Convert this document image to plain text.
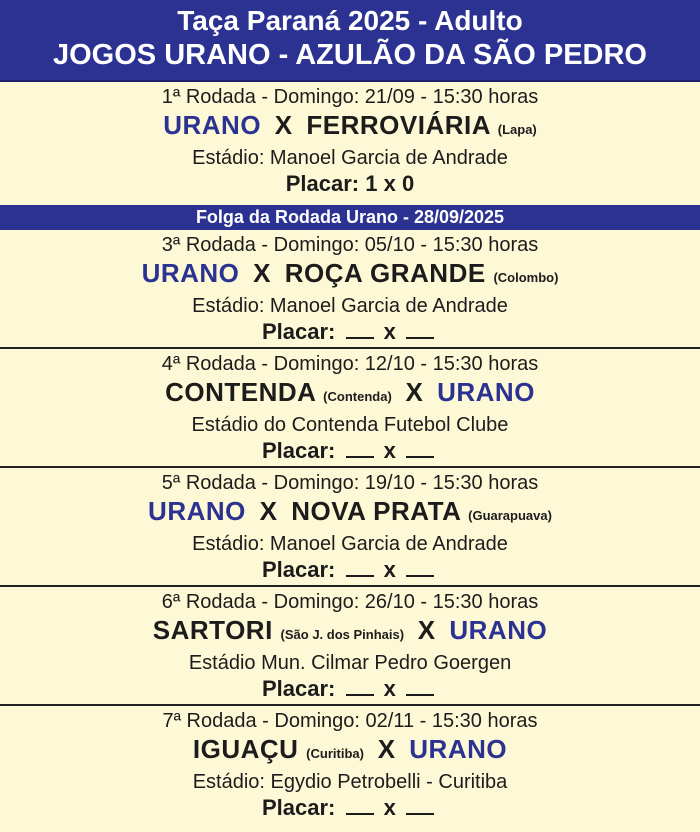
Taça Paraná 2025 - Adulto
JOGOS URANO - AZULÃO DA SÃO PEDRO
1ª Rodada - Domingo: 21/09 - 15:30 horas
URANO X FERROVIÁRIA (Lapa)
Estádio: Manoel Garcia de Andrade
Placar: 1 x 0
Folga da Rodada Urano - 28/09/2025
3ª Rodada - Domingo: 05/10 - 15:30 horas
URANO X ROÇA GRANDE (Colombo)
Estádio: Manoel Garcia de Andrade
Placar: x
4ª Rodada - Domingo: 12/10 - 15:30 horas
CONTENDA (Contenda) X URANO
Estádio do Contenda Futebol Clube
Placar: x
5ª Rodada - Domingo: 19/10 - 15:30 horas
URANO X NOVA PRATA (Guarapuava)
Estádio: Manoel Garcia de Andrade
Placar: x
6ª Rodada - Domingo: 26/10 - 15:30 horas
SARTORI (São J. dos Pinhais) X URANO
Estádio Mun. Cilmar Pedro Goergen
Placar: x
7ª Rodada - Domingo: 02/11 - 15:30 horas
IGUAÇU (Curitiba) X URANO
Estádio: Egydio Petrobelli - Curitiba
Placar: x
